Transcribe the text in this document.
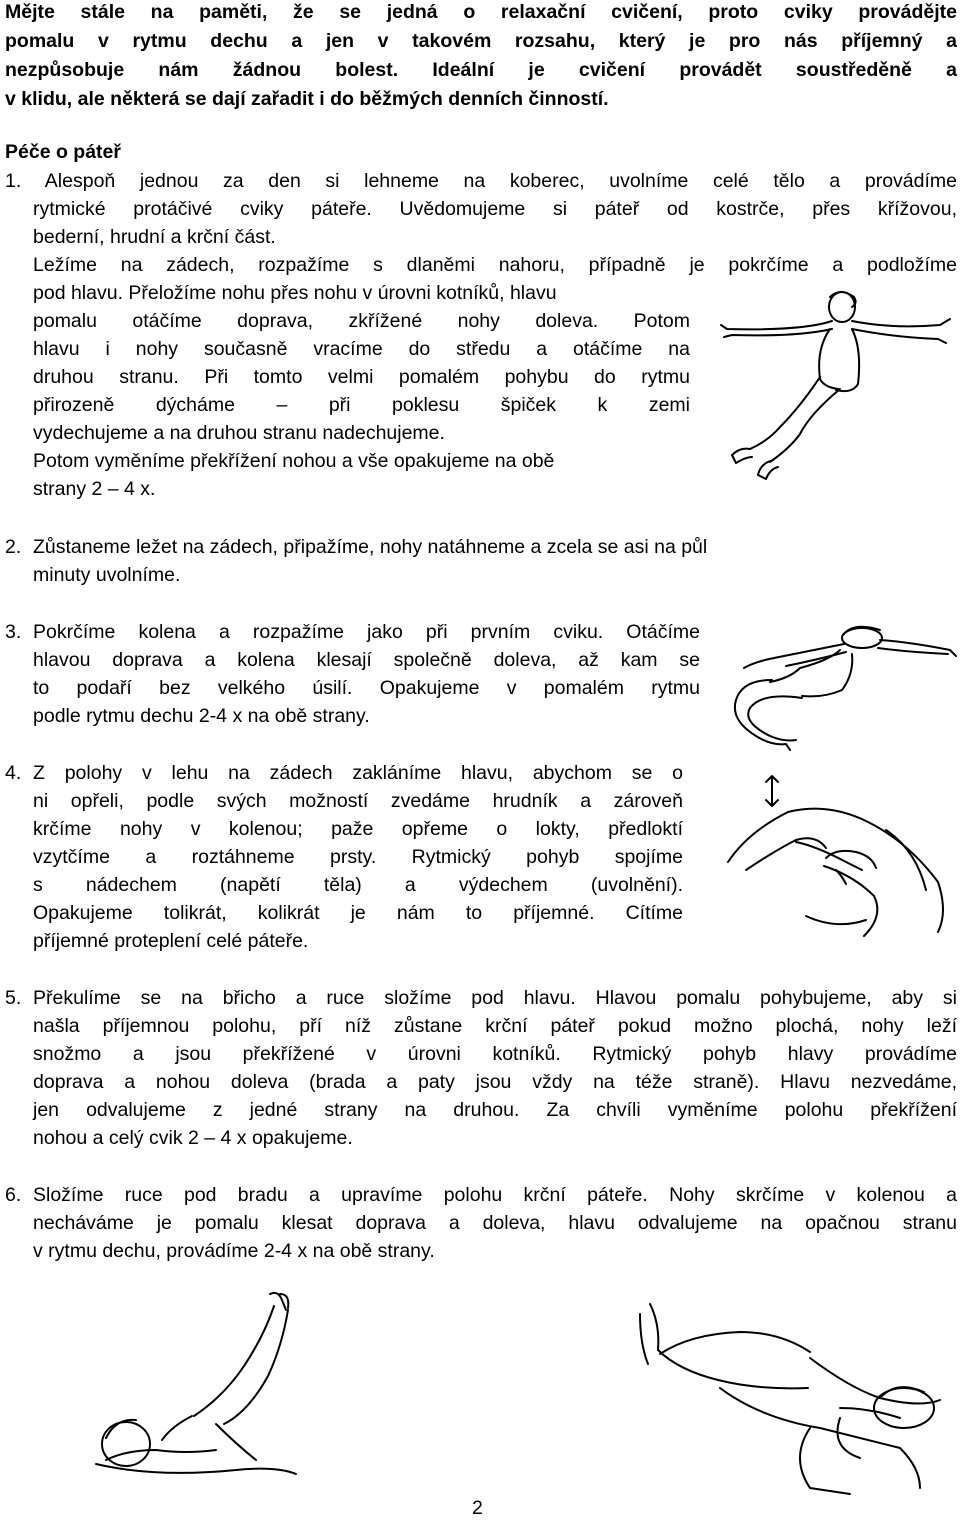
Mějte stále na paměti, že se jedná o relaxační cvičení, proto cviky provádějte
pomalu v rytmu dechu a jen v takovém rozsahu, který je pro nás příjemný a
nezpůsobuje nám žádnou bolest. Ideální je cvičení provádět soustředěně a
v klidu, ale některá se dají zařadit i do běžmých denních činností.
Péče o páteř
1. Alespoň jednou za den si lehneme na koberec, uvolníme celé tělo a provádíme
rytmické protáčivé cviky páteře. Uvědomujeme si páteř od kostrče, přes křížovou,
bederní, hrudní a krční část.
Ležíme na zádech, rozpažíme s dlaněmi nahoru, případně je pokrčíme a podložíme
pod hlavu. Přeložíme nohu přes nohu v úrovni kotníků, hlavu
pomalu otáčíme doprava, zkřížené nohy doleva. Potom
hlavu i nohy současně vracíme do středu a otáčíme na
druhou stranu. Při tomto velmi pomalém pohybu do rytmu
přirozeně dýcháme – při poklesu špiček k zemi
vydechujeme a na druhou stranu nadechujeme.
Potom vyměníme překřížení nohou a vše opakujeme na obě
strany 2 – 4 x.
2. Zůstaneme ležet na zádech, připažíme, nohy natáhneme a zcela se asi na půl
minuty uvolníme.
3. Pokrčíme kolena a rozpažíme jako při prvním cviku. Otáčíme
hlavou doprava a kolena klesají společně doleva, až kam se
to podaří bez velkého úsilí. Opakujeme v pomalém rytmu
podle rytmu dechu 2-4 x na obě strany.
4. Z polohy v lehu na zádech zakláníme hlavu, abychom se o
ni opřeli, podle svých možností zvedáme hrudník a zároveň
krčíme nohy v kolenou; paže opřeme o lokty, předloktí
vzytčíme a roztáhneme prsty. Rytmický pohyb spojíme
s nádechem (napětí těla) a výdechem (uvolnění).
Opakujeme tolikrát, kolikrát je nám to příjemné. Cítíme
příjemné proteplení celé páteře.
5. Překulíme se na břicho a ruce složíme pod hlavu. Hlavou pomalu pohybujeme, aby si
našla příjemnou polohu, pří níž zůstane krční páteř pokud možno plochá, nohy leží
snožmo a jsou překřížené v úrovni kotníků. Rytmický pohyb hlavy provádíme
doprava a nohou doleva (brada a paty jsou vždy na téže straně). Hlavu nezvedáme,
jen odvalujeme z jedné strany na druhou. Za chvíli vyměníme polohu překřížení
nohou a celý cvik 2 – 4 x opakujeme.
6. Složíme ruce pod bradu a upravíme polohu krční páteře. Nohy skrčíme v kolenou a
necháváme je pomalu klesat doprava a doleva, hlavu odvalujeme na opačnou stranu
v rytmu dechu, provádíme 2-4 x na obě strany.
2
